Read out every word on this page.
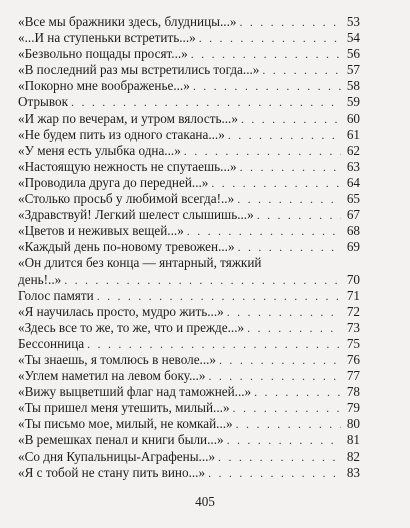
«Все мы бражники здесь, блудницы...» . . .	53
«...И на ступеньки встретить...» . . .	54
«Безвольно пощады просят...» . . .	56
«В последний раз мы встретились тогда...» . . .	57
«Покорно мне воображенье...» . . .	58
Отрывок . . .	59
«И жар по вечерам, и утром вялость...» . . .	60
«Не будем пить из одного стакана...» . . .	61
«У меня есть улыбка одна...» . . .	62
«Настоящую нежность не спутаешь...» . . .	63
«Проводила друга до передней...» . . .	64
«Столько просьб у любимой всегда!..» . . .	65
«Здравствуй! Легкий шелест слышишь...» . . .	67
«Цветов и неживых вещей...» . . .	68
«Каждый день по-новому тревожен...» . . .	69
«Он длится без конца — янтарный, тяжкий
день!..» . . .	70
Голос памяти . . .	71
«Я научилась просто, мудро жить...» . . .	72
«Здесь все то же, то же, что и прежде...» . . .	73
Бессонница . . .	75
«Ты знаешь, я томлюсь в неволе...» . . .	76
«Углем наметил на левом боку...» . . .	77
«Вижу выцветший флаг над таможней...» . . .	78
«Ты пришел меня утешить, милый...» . . .	79
«Ты письмо мое, милый, не комкай...» . . .	80
«В ремешках пенал и книги были...» . . .	81
«Со дня Купальницы-Аграфены...» . . .	82
«Я с тобой не стану пить вино...» . . .	83
405
